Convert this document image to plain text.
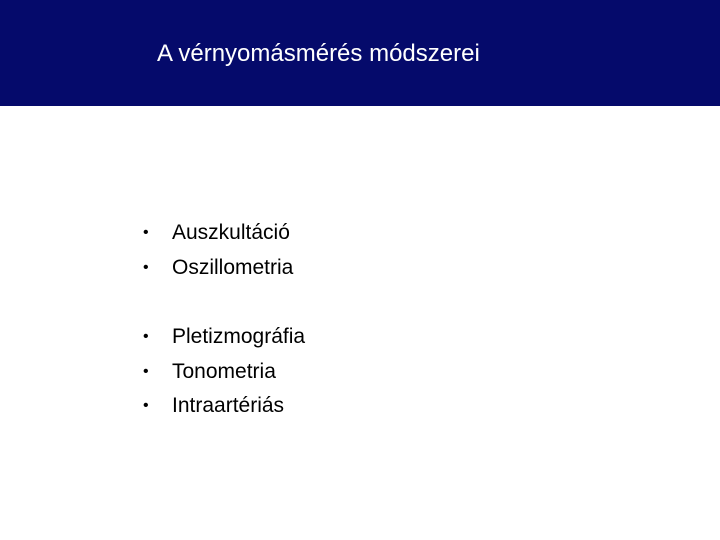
A vérnyomásmérés módszerei
•	Auszkultáció
•	Oszillometria
•	Pletizmográfia
•	Tonometria
•	Intraartériás
